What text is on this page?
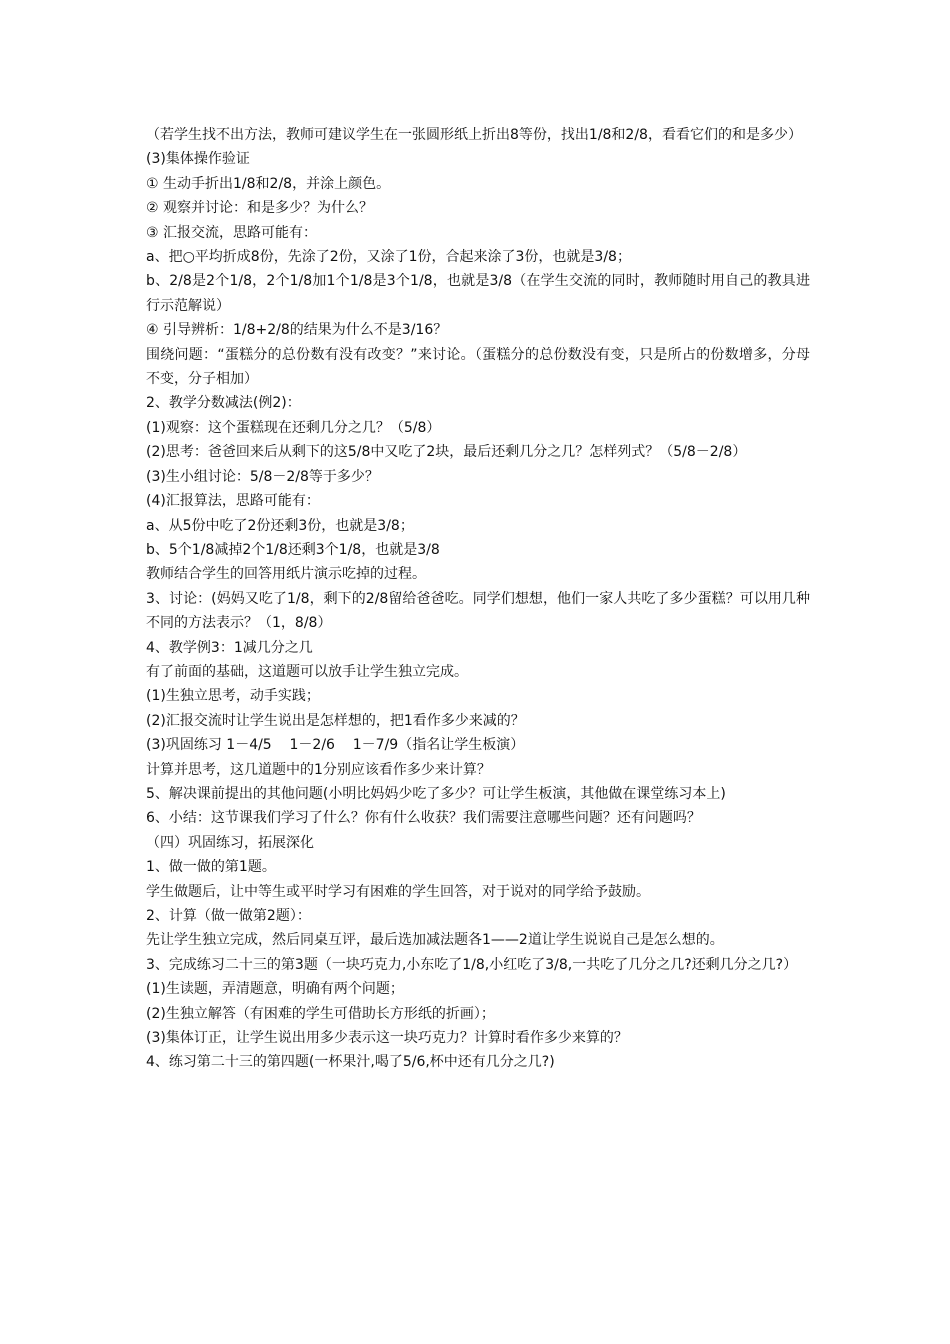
（若学生找不出方法，教师可建议学生在一张圆形纸上折出8等份，找出1/8和2/8，看看它们的和是多少）

(3)集体操作验证

① 生动手折出1/8和2/8，并涂上颜色。

② 观察并讨论：和是多少？为什么？

③ 汇报交流，思路可能有：

a、把○平均折成8份，先涂了2份，又涂了1份，合起来涂了3份，也就是3/8；

b、2/8是2个1/8，2个1/8加1个1/8是3个1/8，也就是3/8（在学生交流的同时，教师随时用自己的教具进行示范解说）

④ 引导辨析：1/8+2/8的结果为什么不是3/16？

围绕问题：“蛋糕分的总份数有没有改变？”来讨论。（蛋糕分的总份数没有变，只是所占的份数增多，分母不变，分子相加）

2、教学分数减法(例2)：

(1)观察：这个蛋糕现在还剩几分之几？（5/8）

(2)思考：爸爸回来后从剩下的这5/8中又吃了2块，最后还剩几分之几？怎样列式？（5/8－2/8）

(3)生小组讨论：5/8－2/8等于多少？

(4)汇报算法，思路可能有：

a、从5份中吃了2份还剩3份，也就是3/8；

b、5个1/8减掉2个1/8还剩3个1/8，也就是3/8

教师结合学生的回答用纸片演示吃掉的过程。

3、讨论：(妈妈又吃了1/8，剩下的2/8留给爸爸吃。同学们想想，他们一家人共吃了多少蛋糕？可以用几种不同的方法表示？（1，8/8）

4、教学例3：1减几分之几

有了前面的基础，这道题可以放手让学生独立完成。

(1)生独立思考，动手实践；

(2)汇报交流时让学生说出是怎样想的，把1看作多少来减的？

(3)巩固练习 1－4/5    1－2/6    1－7/9（指名让学生板演）

计算并思考，这几道题中的1分别应该看作多少来计算？

5、解决课前提出的其他问题(小明比妈妈少吃了多少？可让学生板演，其他做在课堂练习本上)

6、小结：这节课我们学习了什么？你有什么收获？我们需要注意哪些问题？还有问题吗？

（四）巩固练习，拓展深化

1、做一做的第1题。

学生做题后，让中等生或平时学习有困难的学生回答，对于说对的同学给予鼓励。

2、计算（做一做第2题）：

先让学生独立完成，然后同桌互评，最后选加减法题各1——2道让学生说说自己是怎么想的。

3、完成练习二十三的第3题（一块巧克力,小东吃了1/8,小红吃了3/8,一共吃了几分之几?还剩几分之几?）

(1)生读题，弄清题意，明确有两个问题；

(2)生独立解答（有困难的学生可借助长方形纸的折画）；

(3)集体订正，让学生说出用多少表示这一块巧克力？计算时看作多少来算的？

4、练习第二十三的第四题(一杯果汁,喝了5/6,杯中还有几分之几?)
